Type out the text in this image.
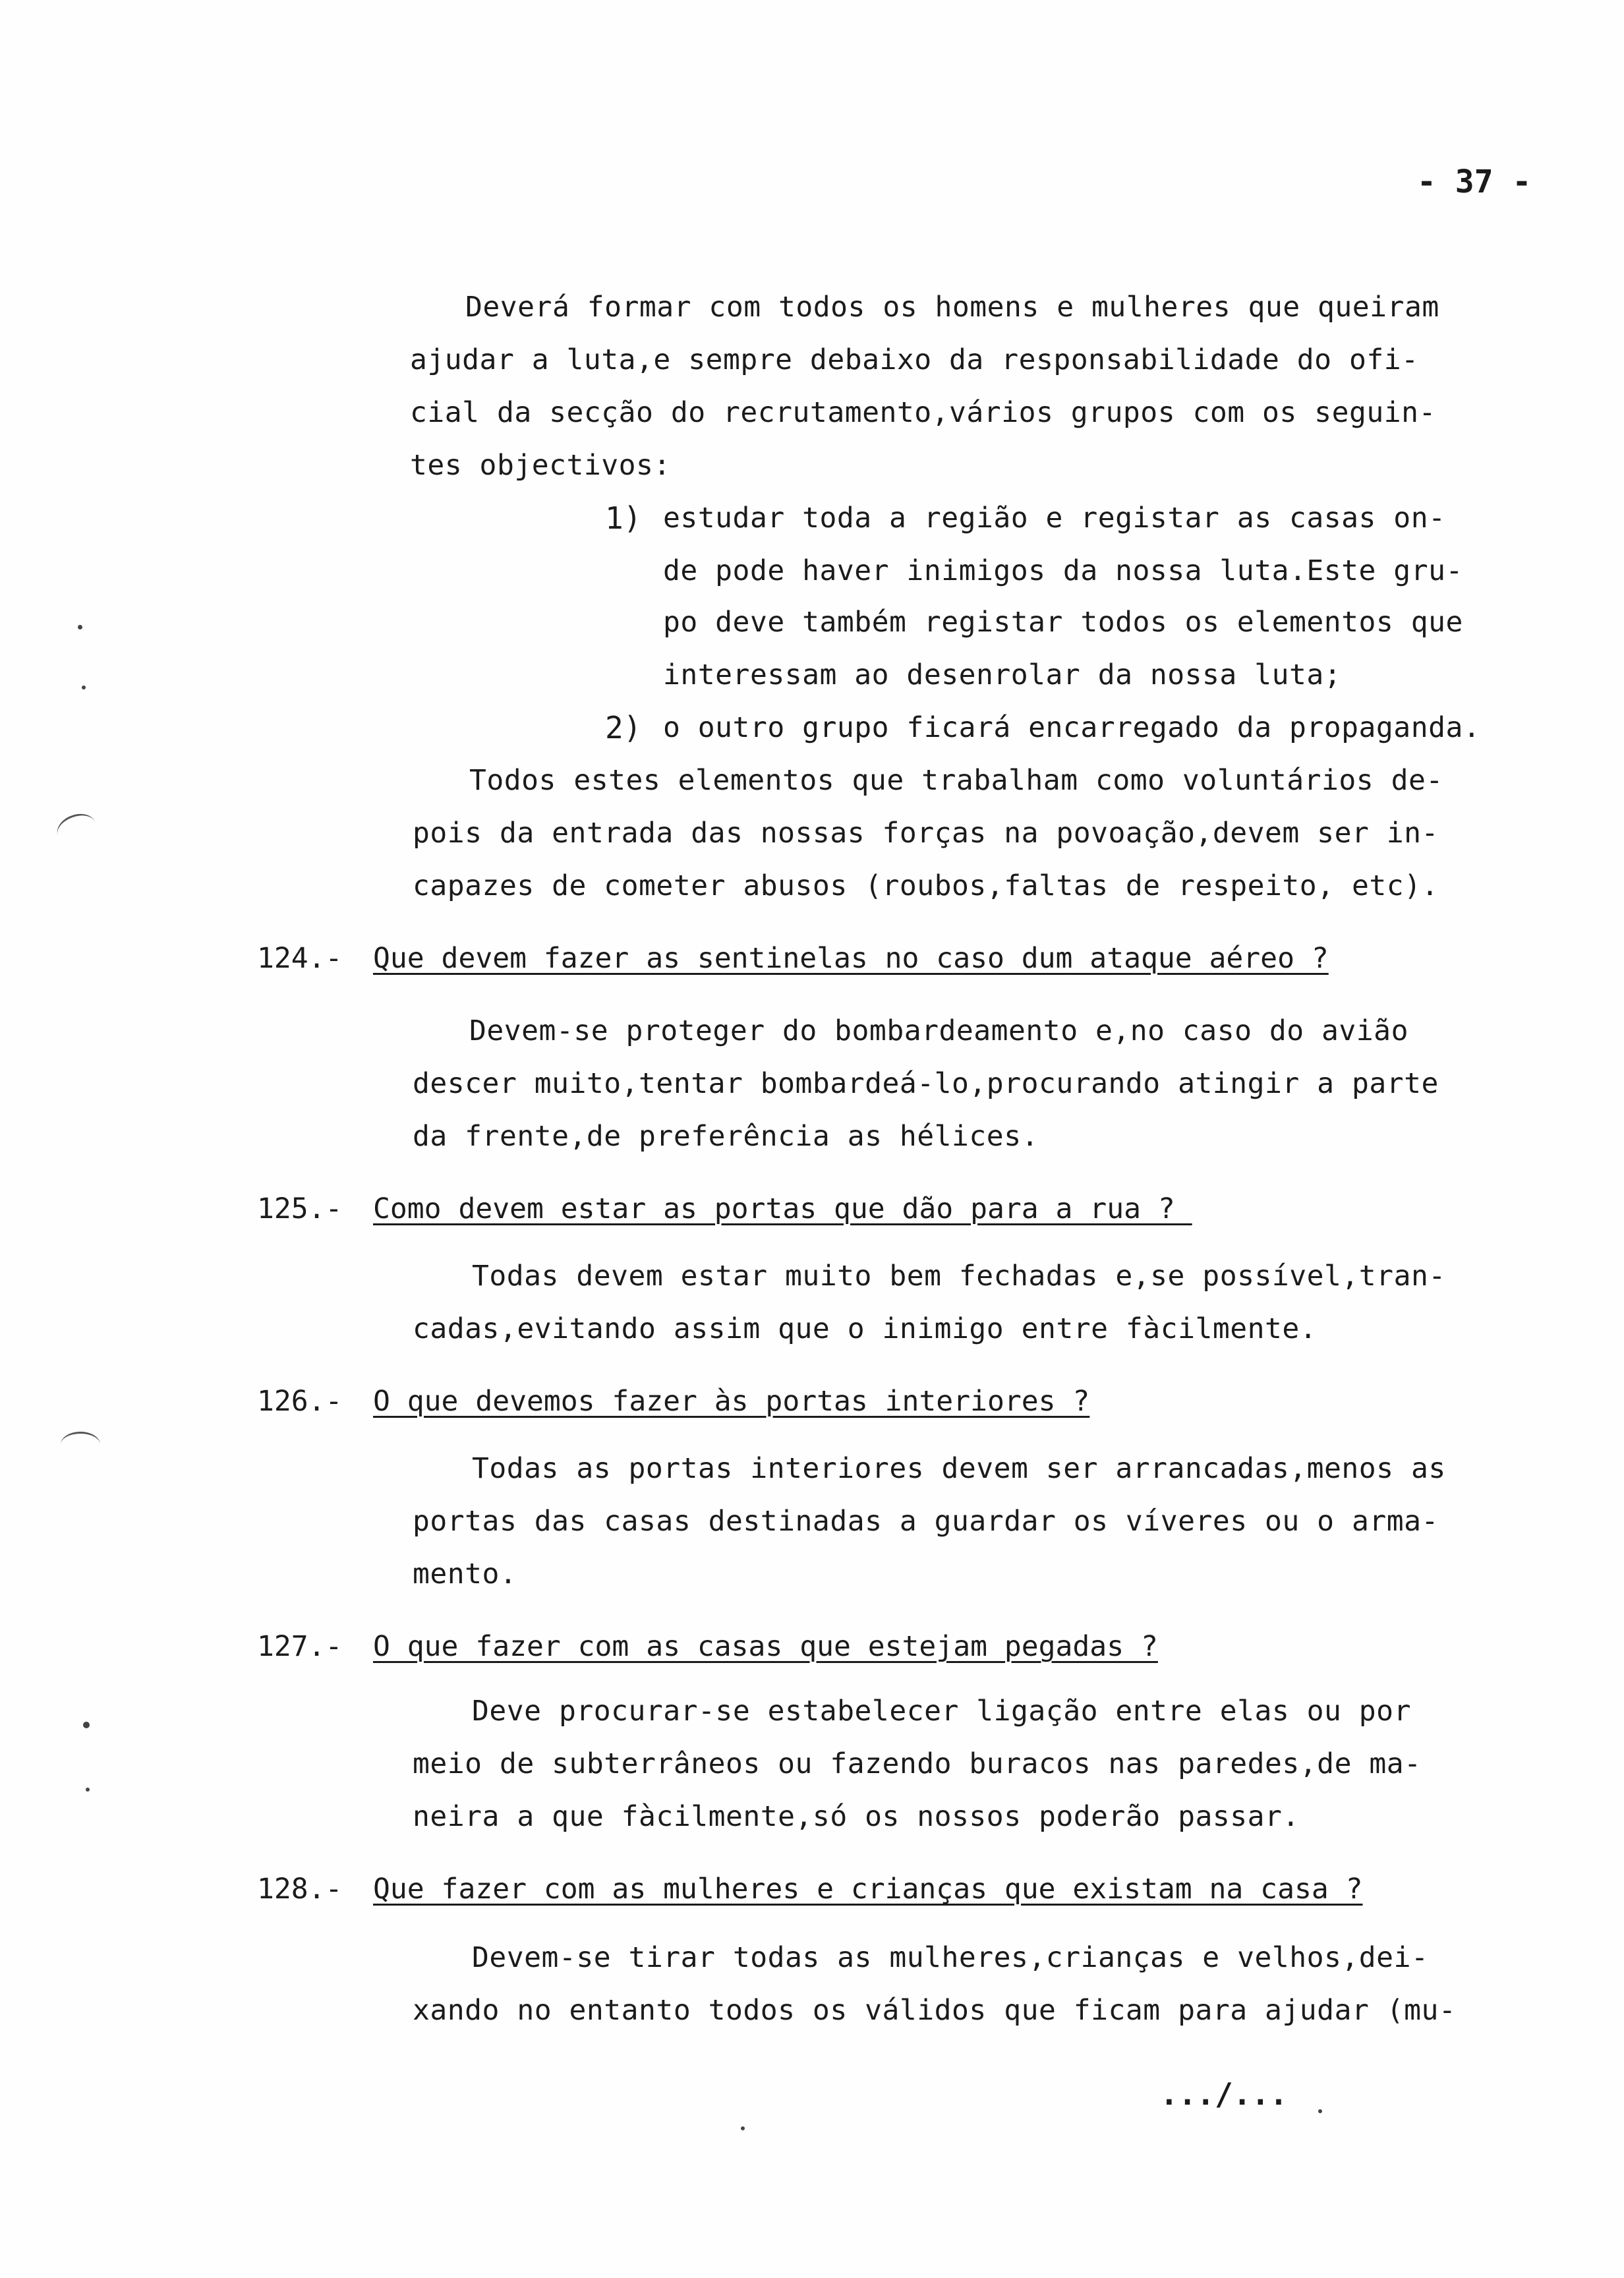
- 37 -
Deverá formar com todos os homens e mulheres que queiram
ajudar a luta,e sempre debaixo da responsabilidade do ofi-
cial da secção do recrutamento,vários grupos com os seguin-
tes objectivos:
1) estudar toda a região e registar as casas on-
de pode haver inimigos da nossa luta.Este gru-
po deve também registar todos os elementos que
interessam ao desenrolar da nossa luta;
2) o outro grupo ficará encarregado da propaganda.
Todos estes elementos que trabalham como voluntários de-
pois da entrada das nossas forças na povoação,devem ser in-
capazes de cometer abusos (roubos,faltas de respeito, etc).
124.- Que devem fazer as sentinelas no caso dum ataque aéreo ?
Devem-se proteger do bombardeamento e,no caso do avião
descer muito,tentar bombardeá-lo,procurando atingir a parte
da frente,de preferência as hélices.
125.- Como devem estar as portas que dão para a rua ?
Todas devem estar muito bem fechadas e,se possível,tran-
cadas,evitando assim que o inimigo entre fàcilmente.
126.- O que devemos fazer às portas interiores ?
Todas as portas interiores devem ser arrancadas,menos as
portas das casas destinadas a guardar os víveres ou o arma-
mento.
127.- O que fazer com as casas que estejam pegadas ?
Deve procurar-se estabelecer ligação entre elas ou por
meio de subterrâneos ou fazendo buracos nas paredes,de ma-
neira a que fàcilmente,só os nossos poderão passar.
128.- Que fazer com as mulheres e crianças que existam na casa ?
Devem-se tirar todas as mulheres,crianças e velhos,dei-
xando no entanto todos os válidos que ficam para ajudar (mu-
.../...
